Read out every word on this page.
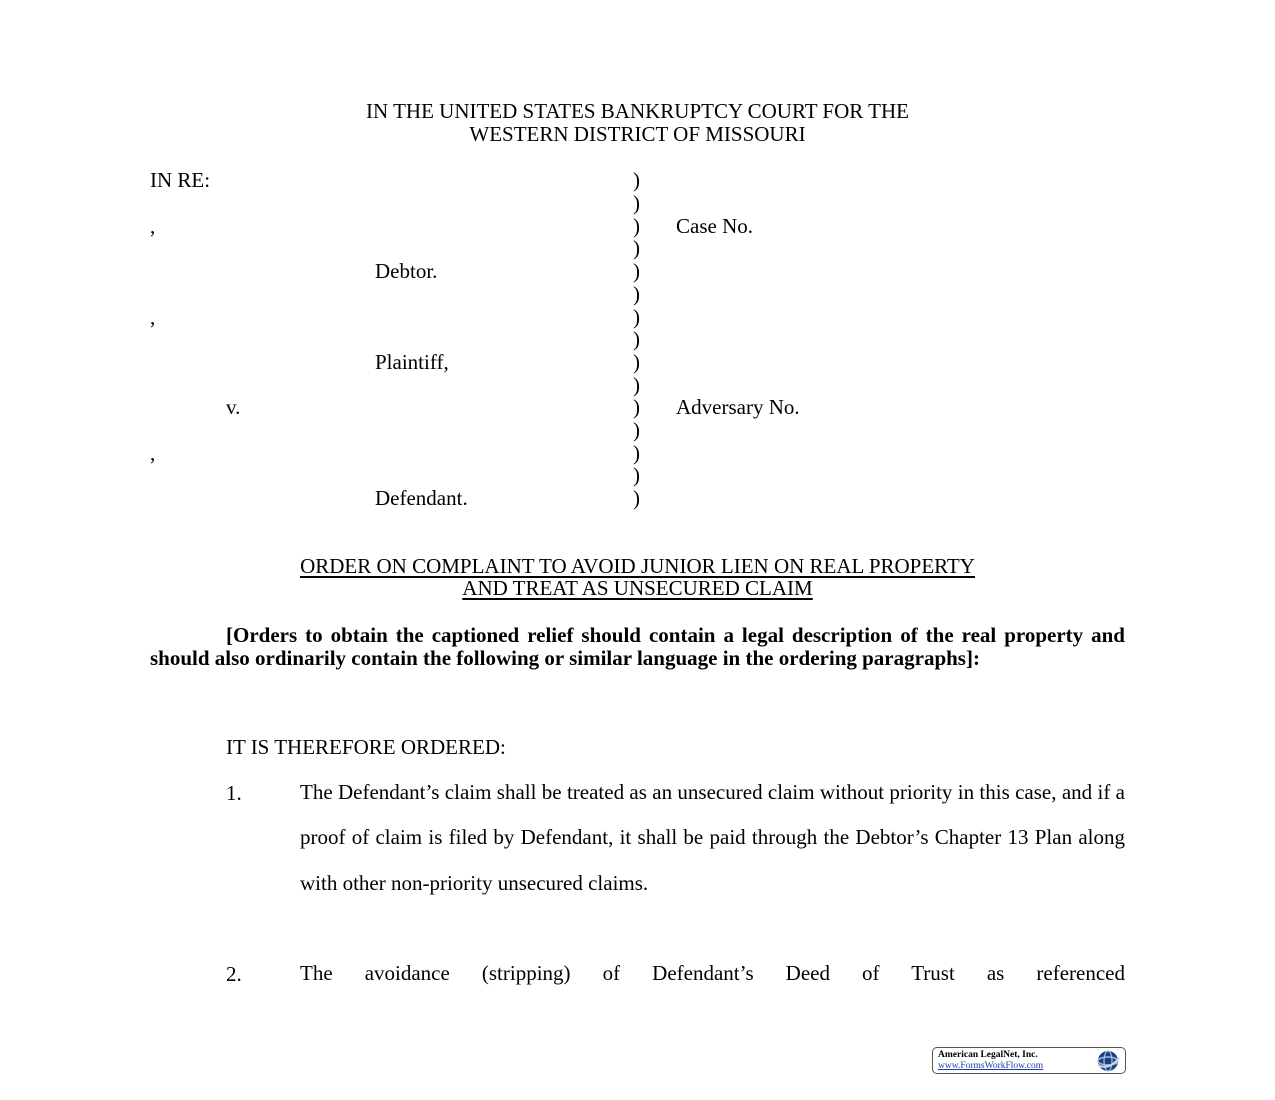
IN THE UNITED STATES BANKRUPTCY COURT FOR THE
WESTERN DISTRICT OF MISSOURI
IN RE:
,
Debtor.
,
Plaintiff,
v.
,
Defendant.
)
)
)
)
)
)
)
)
)
)
)
)
)
)
)
Case No.
Adversary No.
ORDER ON COMPLAINT TO AVOID JUNIOR LIEN ON REAL PROPERTY
AND TREAT AS UNSECURED CLAIM
[Orders to obtain the captioned relief should contain a legal description of the real property and should also ordinarily contain the following or similar language in the ordering paragraphs]:
IT IS THEREFORE ORDERED:
1.	The Defendant’s claim shall be treated as an unsecured claim without priority in this case, and if a proof of claim is filed by Defendant, it shall be paid through the Debtor’s Chapter 13 Plan along with other non-priority unsecured claims.
2.	The avoidance (stripping) of Defendant’s Deed of Trust as referenced
American LegalNet, Inc.
www.FormsWorkFlow.com
